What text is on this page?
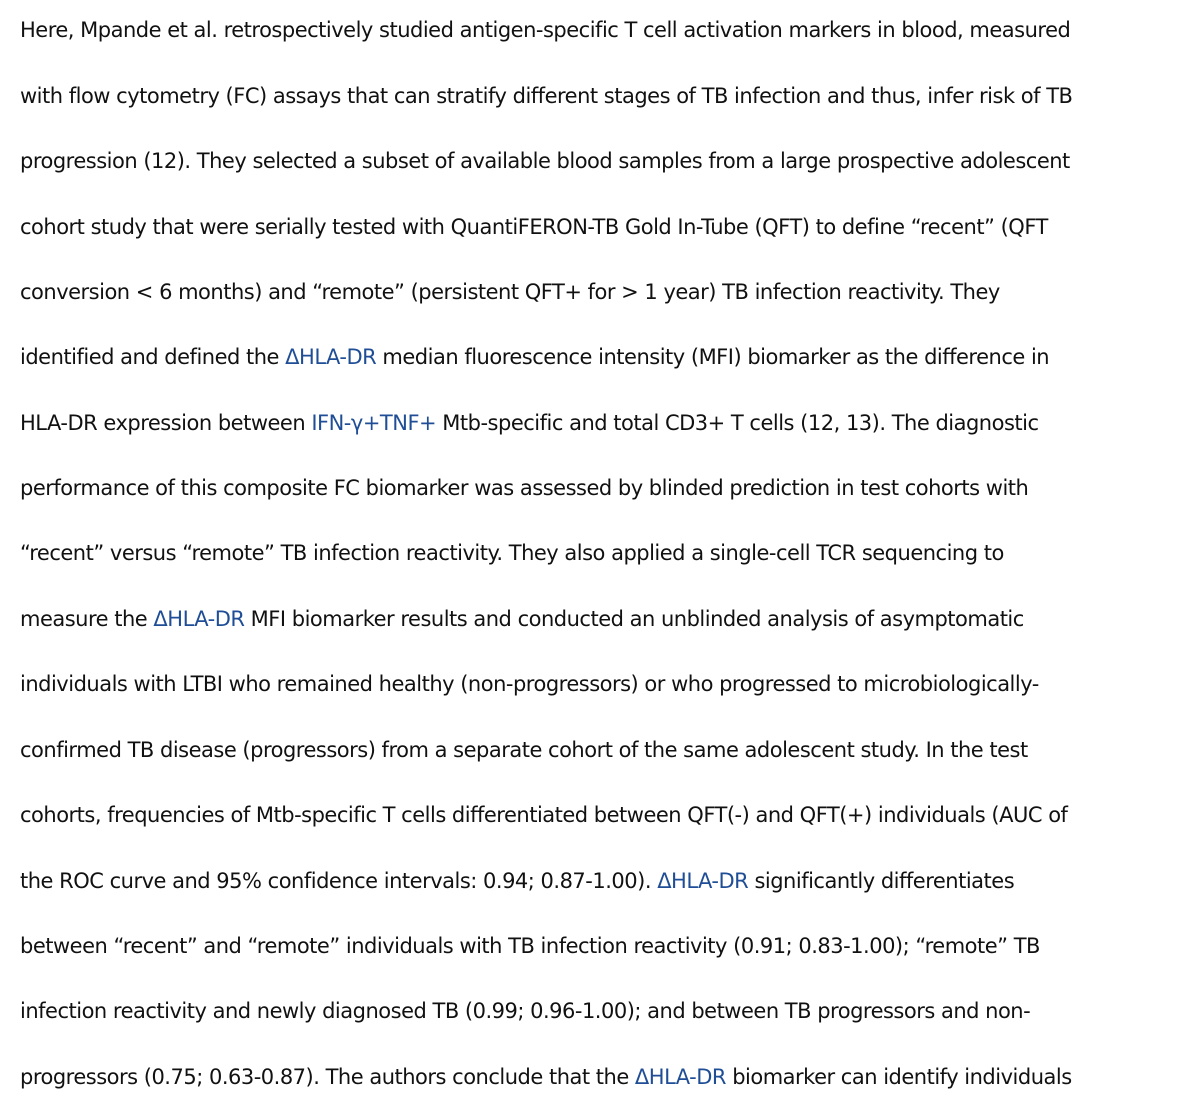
Here, Mpande et al. retrospectively studied antigen-specific T cell activation markers in blood, measured
with flow cytometry (FC) assays that can stratify different stages of TB infection and thus, infer risk of TB
progression (12). They selected a subset of available blood samples from a large prospective adolescent
cohort study that were serially tested with QuantiFERON-TB Gold In-Tube (QFT) to define “recent” (QFT
conversion < 6 months) and “remote” (persistent QFT+ for > 1 year) TB infection reactivity. They
identified and defined the ΔHLA-DR median fluorescence intensity (MFI) biomarker as the difference in
HLA-DR expression between IFN-γ+TNF+ Mtb-specific and total CD3+ T cells (12, 13). The diagnostic
performance of this composite FC biomarker was assessed by blinded prediction in test cohorts with
“recent” versus “remote” TB infection reactivity. They also applied a single-cell TCR sequencing to
measure the ΔHLA-DR MFI biomarker results and conducted an unblinded analysis of asymptomatic
individuals with LTBI who remained healthy (non-progressors) or who progressed to microbiologically-
confirmed TB disease (progressors) from a separate cohort of the same adolescent study. In the test
cohorts, frequencies of Mtb-specific T cells differentiated between QFT(-) and QFT(+) individuals (AUC of
the ROC curve and 95% confidence intervals: 0.94; 0.87-1.00). ΔHLA-DR significantly differentiates
between “recent” and “remote” individuals with TB infection reactivity (0.91; 0.83-1.00); “remote” TB
infection reactivity and newly diagnosed TB (0.99; 0.96-1.00); and between TB progressors and non-
progressors (0.75; 0.63-0.87). The authors conclude that the ΔHLA-DR biomarker can identify individuals
